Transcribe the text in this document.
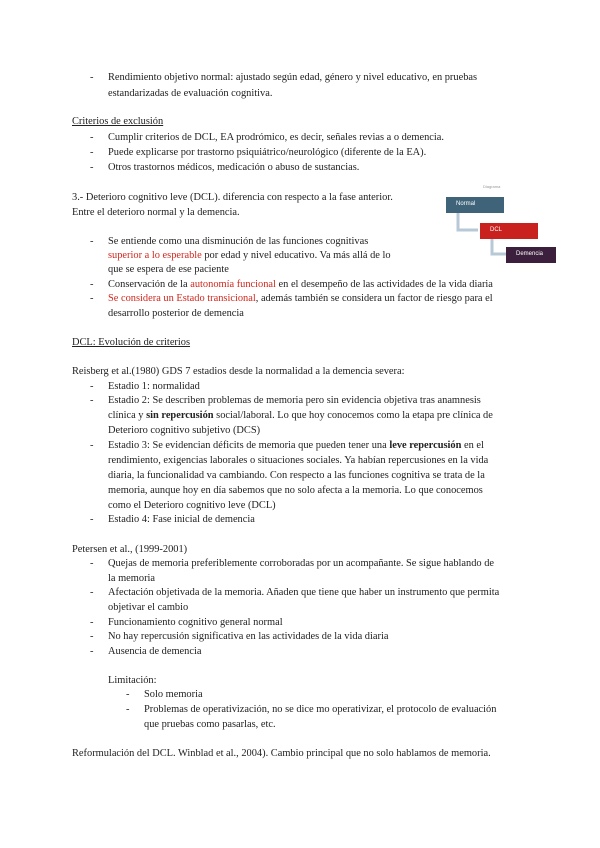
- Rendimiento objetivo normal: ajustado según edad, género y nivel educativo, en pruebas
estandarizadas de evaluación cognitiva.
Criterios de exclusión
- Cumplir criterios de DCL, EA prodrómico, es decir, señales revias a o demencia.
- Puede explicarse por trastorno psiquiátrico/neurológico (diferente de la EA).
- Otros trastornos médicos, medicación o abuso de sustancias.
3.- Deterioro cognitivo leve (DCL). diferencia con respecto a la fase anterior.
Entre el deterioro normal y la demencia.
- Se entiende como una disminución de las funciones cognitivas
superior a lo esperable por edad y nivel educativo. Va más allá de lo
que se espera de ese paciente
- Conservación de la autonomía funcional en el desempeño de las actividades de la vida diaria
- Se considera un Estado transicional, además también se considera un factor de riesgo para el
desarrollo posterior de demencia
Diagrama
Normal
DCL
Demencia
DCL: Evolución de criterios
Reisberg et al.(1980) GDS 7 estadios desde la normalidad a la demencia severa:
- Estadio 1: normalidad
- Estadio 2: Se describen problemas de memoria pero sin evidencia objetiva tras anamnesis
clínica y sin repercusión social/laboral. Lo que hoy conocemos como la etapa pre clínica de
Deterioro cognitivo subjetivo (DCS)
- Estadio 3: Se evidencian déficits de memoria que pueden tener una leve repercusión en el
rendimiento, exigencias laborales o situaciones sociales. Ya habían repercusiones en la vida
diaria, la funcionalidad va cambiando. Con respecto a las funciones cognitiva se trata de la
memoria, aunque hoy en día sabemos que no solo afecta a la memoria. Lo que conocemos
como el Deterioro cognitivo leve (DCL)
- Estadio 4: Fase inicial de demencia
Petersen et al., (1999-2001)
- Quejas de memoria preferiblemente corroboradas por un acompañante. Se sigue hablando de
la memoria
- Afectación objetivada de la memoria. Añaden que tiene que haber un instrumento que permita
objetivar el cambio
- Funcionamiento cognitivo general normal
- No hay repercusión significativa en las actividades de la vida diaria
- Ausencia de demencia
Limitación:
- Solo memoria
- Problemas de operativización, no se dice mo operativizar, el protocolo de evaluación
que pruebas como pasarlas, etc.
Reformulación del DCL. Winblad et al., 2004). Cambio principal que no solo hablamos de memoria.
